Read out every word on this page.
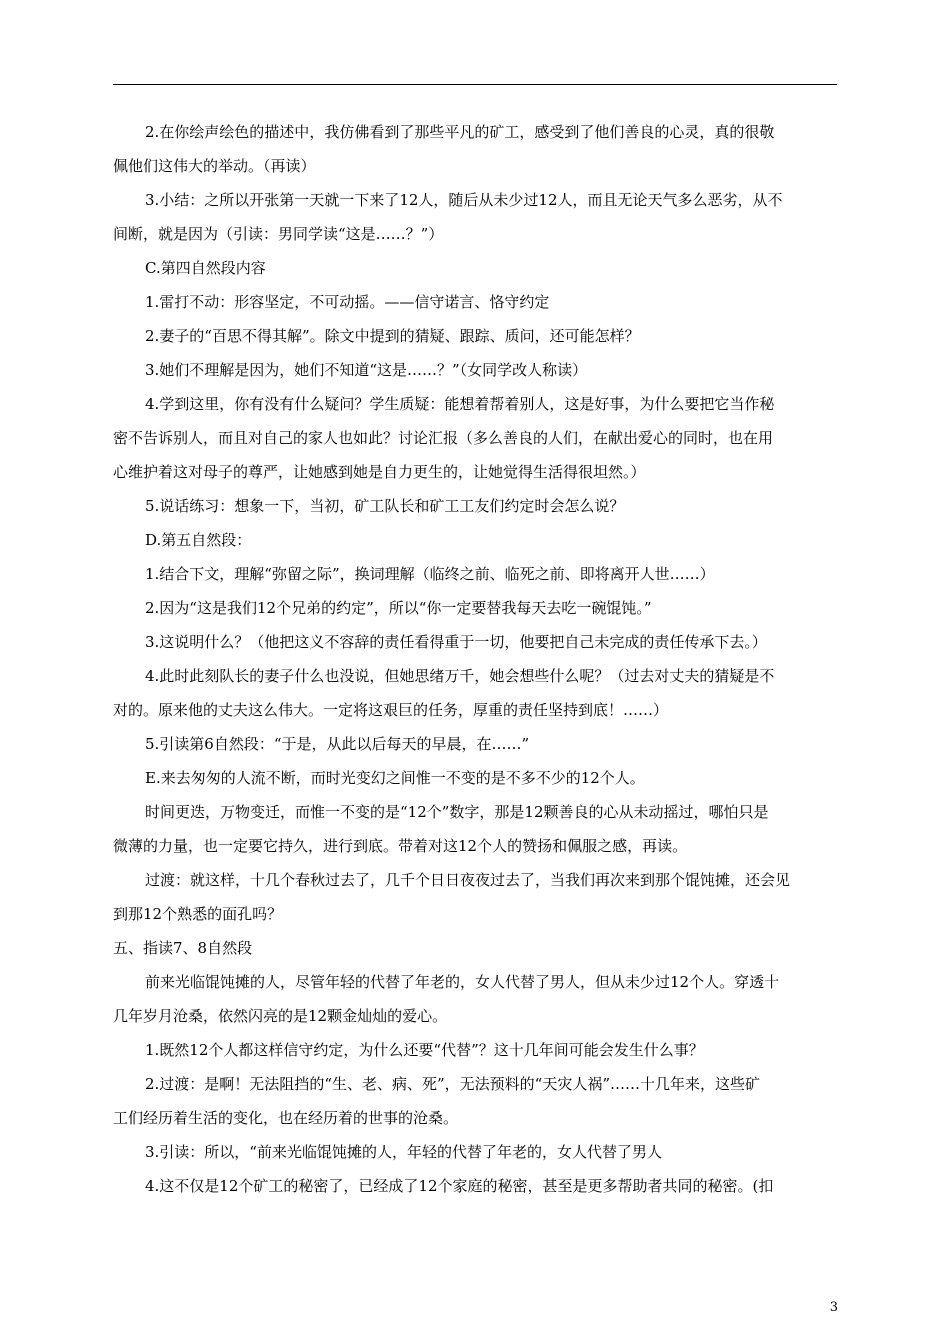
2.在你绘声绘色的描述中，我仿佛看到了那些平凡的矿工，感受到了他们善良的心灵，真的很敬
佩他们这伟大的举动。（再读）
3.小结：之所以开张第一天就一下来了12人，随后从未少过12人，而且无论天气多么恶劣，从不
间断，就是因为（引读：男同学读“这是……？”）
C.第四自然段内容
1.雷打不动：形容坚定，不可动摇。——信守诺言、恪守约定
2.妻子的“百思不得其解”。除文中提到的猜疑、跟踪、质问，还可能怎样？
3.她们不理解是因为，她们不知道“这是……？”（女同学改人称读）
4.学到这里，你有没有什么疑问？学生质疑：能想着帮着别人，这是好事，为什么要把它当作秘
密不告诉别人，而且对自己的家人也如此？讨论汇报（多么善良的人们，在献出爱心的同时，也在用
心维护着这对母子的尊严，让她感到她是自力更生的，让她觉得生活得很坦然。）
5.说话练习：想象一下，当初，矿工队长和矿工工友们约定时会怎么说？
D.第五自然段：
1.结合下文，理解“弥留之际”，换词理解（临终之前、临死之前、即将离开人世……）
2.因为“这是我们12个兄弟的约定”，所以“你一定要替我每天去吃一碗馄饨。”
3.这说明什么？（他把这义不容辞的责任看得重于一切，他要把自己未完成的责任传承下去。）
4.此时此刻队长的妻子什么也没说，但她思绪万千，她会想些什么呢？（过去对丈夫的猜疑是不
对的。原来他的丈夫这么伟大。一定将这艰巨的任务，厚重的责任坚持到底！……）
5.引读第6自然段：“于是，从此以后每天的早晨，在……”
E.来去匆匆的人流不断，而时光变幻之间惟一不变的是不多不少的12个人。
时间更迭，万物变迁，而惟一不变的是“12个”数字，那是12颗善良的心从未动摇过，哪怕只是
微薄的力量，也一定要它持久，进行到底。带着对这12个人的赞扬和佩服之感，再读。
过渡：就这样，十几个春秋过去了，几千个日日夜夜过去了，当我们再次来到那个馄饨摊，还会见
到那12个熟悉的面孔吗？
五、指读7、8自然段
前来光临馄饨摊的人，尽管年轻的代替了年老的，女人代替了男人，但从未少过12个人。穿透十
几年岁月沧桑，依然闪亮的是12颗金灿灿的爱心。
1.既然12个人都这样信守约定，为什么还要“代替”？这十几年间可能会发生什么事？
2.过渡：是啊！无法阻挡的“生、老、病、死”，无法预料的“天灾人祸”……十几年来，这些矿
工们经历着生活的变化，也在经历着的世事的沧桑。
3.引读：所以，“前来光临馄饨摊的人，年轻的代替了年老的，女人代替了男人
4.这不仅是12个矿工的秘密了，已经成了12个家庭的秘密，甚至是更多帮助者共同的秘密。(扣
3
